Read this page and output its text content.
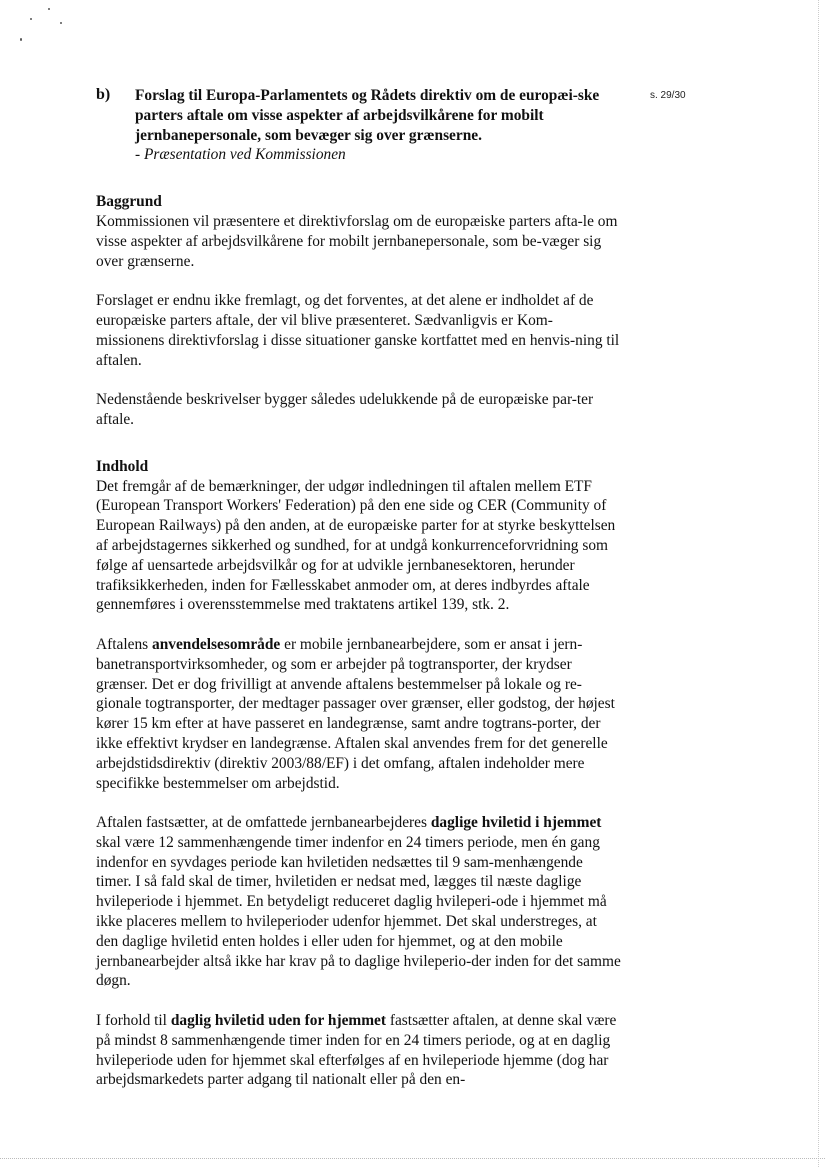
s. 29/30
b) Forslag til Europa-Parlamentets og Rådets direktiv om de europæi-ske parters aftale om visse aspekter af arbejdsvilkårene for mobilt jernbanepersonale, som bevæger sig over grænserne.
- Præsentation ved Kommissionen
Baggrund

Kommissionen vil præsentere et direktivforslag om de europæiske parters afta-le om visse aspekter af arbejdsvilkårene for mobilt jernbanepersonale, som be-væger sig over grænserne.

Forslaget er endnu ikke fremlagt, og det forventes, at det alene er indholdet af de europæiske parters aftale, der vil blive præsenteret. Sædvanligvis er Kom-missionens direktivforslag i disse situationer ganske kortfattet med en henvis-ning til aftalen.

Nedenstående beskrivelser bygger således udelukkende på de europæiske par-ter aftale.

Indhold

Det fremgår af de bemærkninger, der udgør indledningen til aftalen mellem ETF (European Transport Workers' Federation) på den ene side og CER (Community of European Railways) på den anden, at de europæiske parter for at styrke beskyttelsen af arbejdstagernes sikkerhed og sundhed, for at undgå konkurrenceforvridning som følge af uensartede arbejdsvilkår og for at udvikle jernbanesektoren, herunder trafiksikkerheden, inden for Fællesskabet anmoder om, at deres indbyrdes aftale gennemføres i overensstemmelse med traktatens artikel 139, stk. 2.

Aftalens anvendelsesområde er mobile jernbanearbejdere, som er ansat i jern-banetransportvirksomheder, og som er arbejder på togtransporter, der krydser grænser. Det er dog frivilligt at anvende aftalens bestemmelser på lokale og re-gionale togtransporter, der medtager passager over grænser, eller godstog, der højest kører 15 km efter at have passeret en landegrænse, samt andre togtrans-porter, der ikke effektivt krydser en landegrænse. Aftalen skal anvendes frem for det generelle arbejdstidsdirektiv (direktiv 2003/88/EF) i det omfang, aftalen indeholder mere specifikke bestemmelser om arbejdstid.

Aftalen fastsætter, at de omfattede jernbanearbejderes daglige hviletid i hjemmet skal være 12 sammenhængende timer indenfor en 24 timers periode, men én gang indenfor en syvdages periode kan hviletiden nedsættes til 9 sam-menhængende timer. I så fald skal de timer, hviletiden er nedsat med, lægges til næste daglige hvileperiode i hjemmet. En betydeligt reduceret daglig hvileperi-ode i hjemmet må ikke placeres mellem to hvileperioder udenfor hjemmet. Det skal understreges, at den daglige hviletid enten holdes i eller uden for hjemmet, og at den mobile jernbanearbejder altså ikke har krav på to daglige hvileperio-der inden for det samme døgn.

I forhold til daglig hviletid uden for hjemmet fastsætter aftalen, at denne skal være på mindst 8 sammenhængende timer inden for en 24 timers periode, og at en daglig hvileperiode uden for hjemmet skal efterfølges af en hvileperiode hjemme (dog har arbejdsmarkedets parter adgang til nationalt eller på den en-
